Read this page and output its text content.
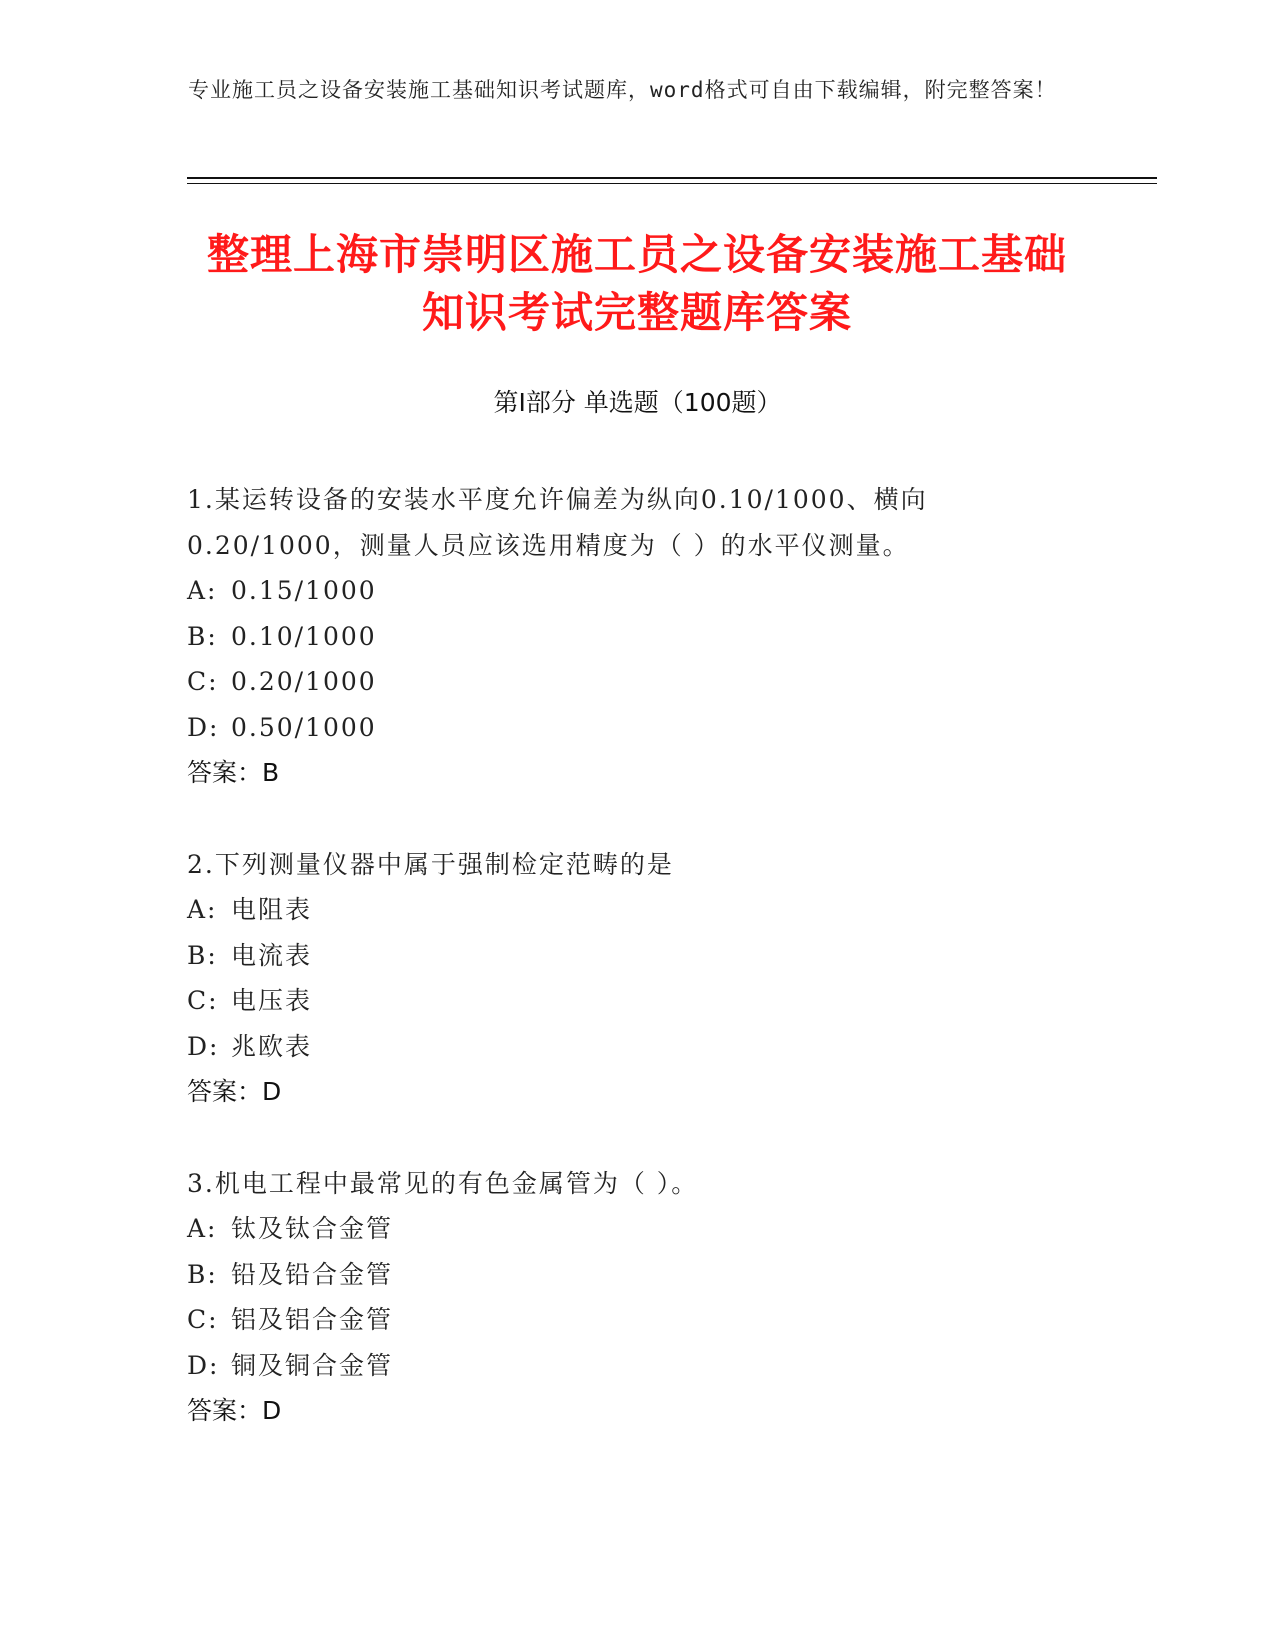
专业施工员之设备安装施工基础知识考试题库，word格式可自由下载编辑，附完整答案！
整理上海市崇明区施工员之设备安装施工基础知识考试完整题库答案
第Ⅰ部分 单选题（100题）
1.某运转设备的安装水平度允许偏差为纵向0.10/1000、横向0.20/1000，测量人员应该选用精度为（ ）的水平仪测量。
A: 0.15/1000
B: 0.10/1000
C: 0.20/1000
D: 0.50/1000
答案：B
2.下列测量仪器中属于强制检定范畴的是
A: 电阻表
B: 电流表
C: 电压表
D: 兆欧表
答案：D
3.机电工程中最常见的有色金属管为（ ）。
A: 钛及钛合金管
B: 铅及铅合金管
C: 铝及铝合金管
D: 铜及铜合金管
答案：D
